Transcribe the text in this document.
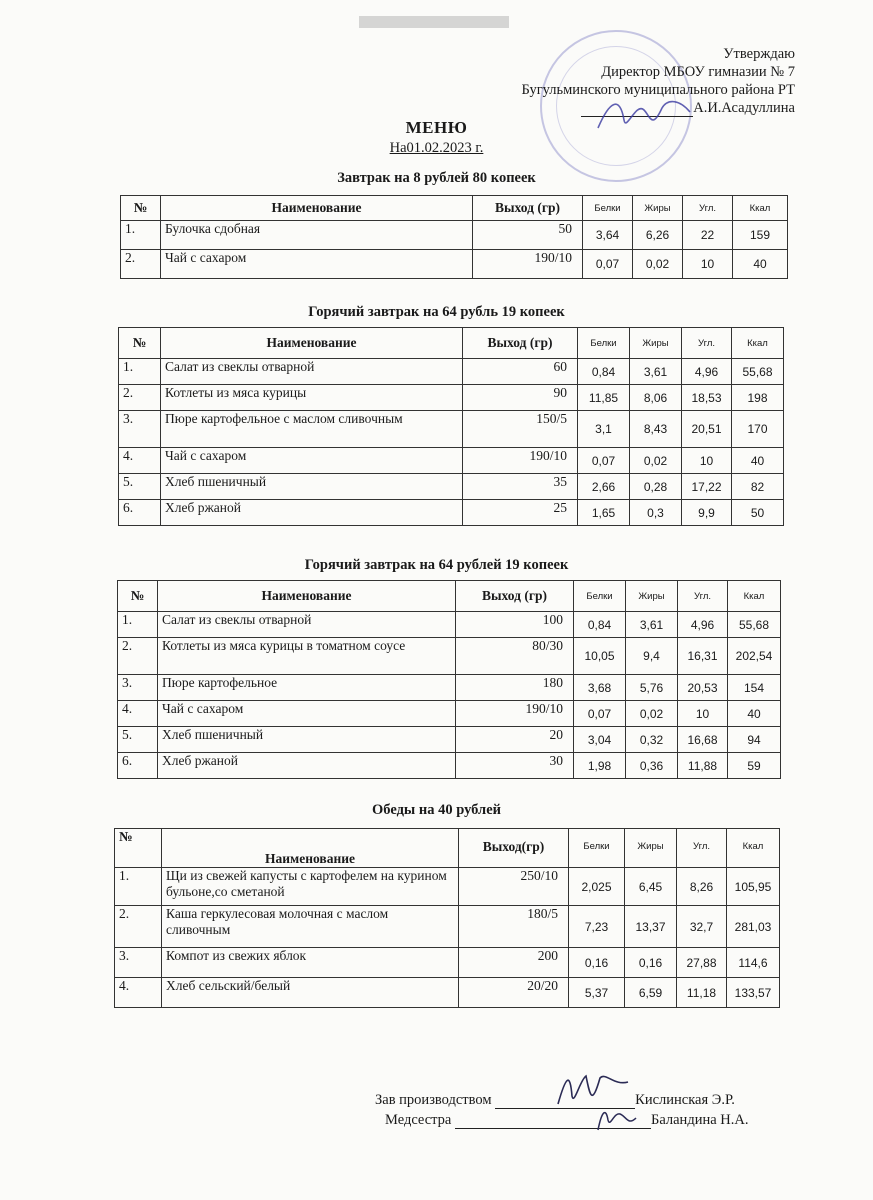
Утверждаю
Директор МБОУ гимназии № 7
Бугульминского муниципального района РТ
А.И.Асадуллина
МЕНЮ
На01.02.2023 г.
Завтрак на 8 рублей 80 копеек
№	Наименование	Выход (гр)	Белки	Жиры	Угл.	Ккал
1.	Булочка сдобная	50	3,64	6,26	22	159
2.	Чай с сахаром	190/10	0,07	0,02	10	40
Горячий завтрак на 64 рубль 19 копеек
№	Наименование	Выход (гр)	Белки	Жиры	Угл.	Ккал
1.	Салат из свеклы отварной	60	0,84	3,61	4,96	55,68
2.	Котлеты из мяса курицы	90	11,85	8,06	18,53	198
3.	Пюре картофельное с маслом сливочным	150/5	3,1	8,43	20,51	170
4.	Чай с сахаром	190/10	0,07	0,02	10	40
5.	Хлеб пшеничный	35	2,66	0,28	17,22	82
6.	Хлеб ржаной	25	1,65	0,3	9,9	50
Горячий завтрак на 64 рублей 19 копеек
№	Наименование	Выход (гр)	Белки	Жиры	Угл.	Ккал
1.	Салат из свеклы отварной	100	0,84	3,61	4,96	55,68
2.	Котлеты из мяса курицы в томатном соусе	80/30	10,05	9,4	16,31	202,54
3.	Пюре картофельное	180	3,68	5,76	20,53	154
4.	Чай с сахаром	190/10	0,07	0,02	10	40
5.	Хлеб пшеничный	20	3,04	0,32	16,68	94
6.	Хлеб ржаной	30	1,98	0,36	11,88	59
Обеды на 40 рублей
№	Наименование	Выход(гр)	Белки	Жиры	Угл.	Ккал
1.	Щи из свежей капусты с картофелем на курином бульоне,со сметаной	250/10	2,025	6,45	8,26	105,95
2.	Каша геркулесовая молочная с маслом сливочным	180/5	7,23	13,37	32,7	281,03
3.	Компот из свежих яблок	200	0,16	0,16	27,88	114,6
4.	Хлеб сельский/белый	20/20	5,37	6,59	11,18	133,57
Зав производством	Кислинская Э.Р.
Медсестра	Баландина Н.А.
